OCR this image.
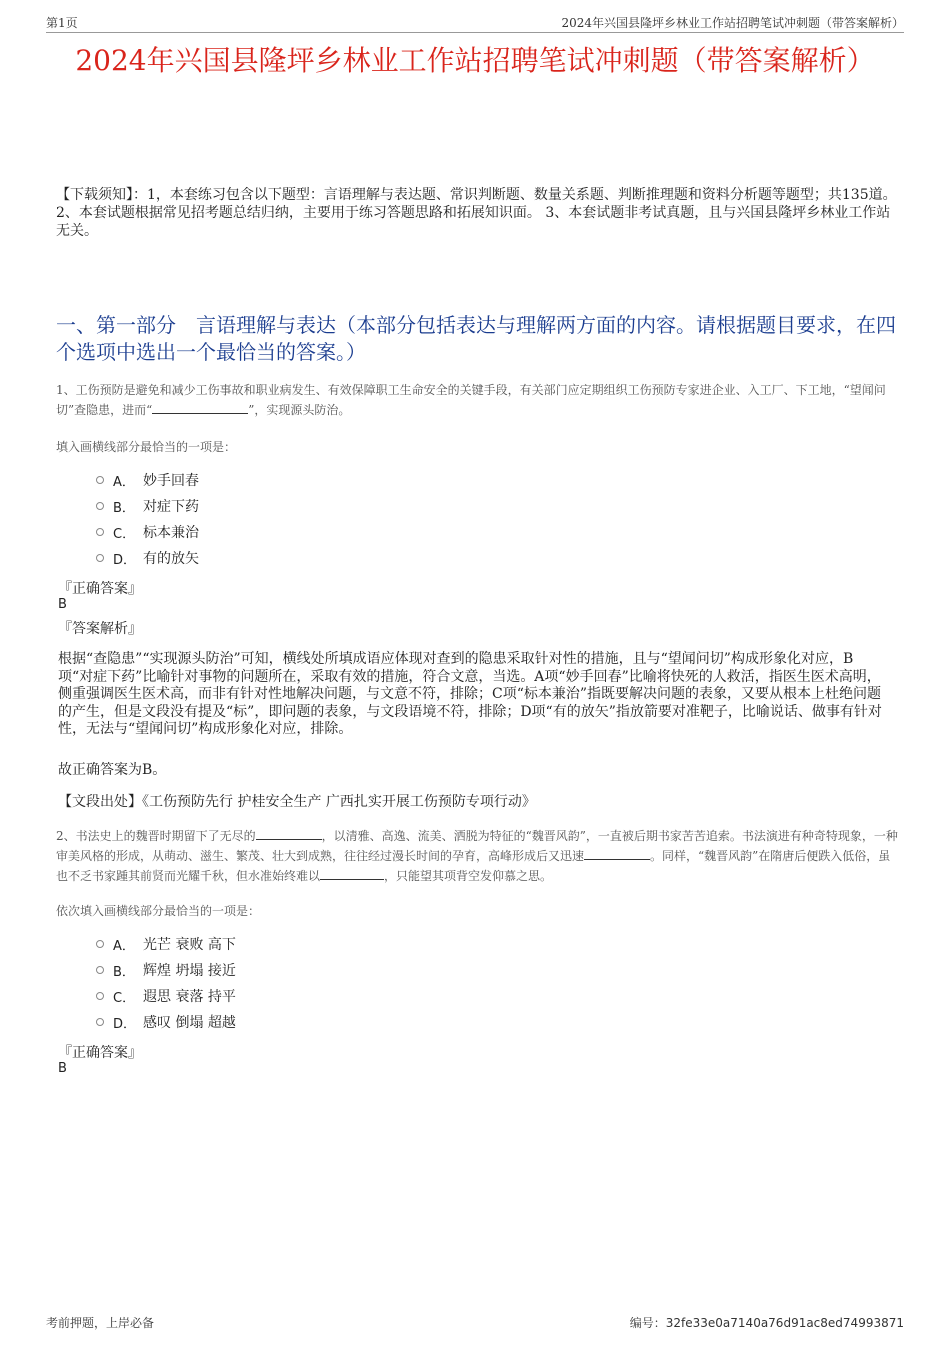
第1页	2024年兴国县隆坪乡林业工作站招聘笔试冲刺题（带答案解析）
2024年兴国县隆坪乡林业工作站招聘笔试冲刺题（带答案解析）
【下载须知】：1，本套练习包含以下题型：言语理解与表达题、常识判断题、数量关系题、判断推理题和资料分析题等题型；共135道。 2、本套试题根据常见招考题总结归纳，主要用于练习答题思路和拓展知识面。 3、本套试题非考试真题，且与兴国县隆坪乡林业工作站无关。
一、第一部分　言语理解与表达（本部分包括表达与理解两方面的内容。请根据题目要求，在四个选项中选出一个最恰当的答案。）
1、工伤预防是避免和减少工伤事故和职业病发生、有效保障职工生命安全的关键手段，有关部门应定期组织工伤预防专家进企业、入工厂、下工地，“望闻问切”查隐患，进而“	”，实现源头防治。
填入画横线部分最恰当的一项是：
A． 妙手回春
B． 对症下药
C． 标本兼治
D． 有的放矢
『正确答案』
B
『答案解析』
根据“查隐患”“实现源头防治”可知，横线处所填成语应体现对查到的隐患采取针对性的措施，且与“望闻问切”构成形象化对应，B项“对症下药”比喻针对事物的问题所在，采取有效的措施，符合文意，当选。A项“妙手回春”比喻将快死的人救活，指医生医术高明，侧重强调医生医术高，而非有针对性地解决问题，与文意不符，排除；C项“标本兼治”指既要解决问题的表象，又要从根本上杜绝问题的产生，但是文段没有提及“标”，即问题的表象，与文段语境不符，排除；D项“有的放矢”指放箭要对准靶子，比喻说话、做事有针对性，无法与“望闻问切”构成形象化对应，排除。
故正确答案为B。
【文段出处】《工伤预防先行 护桂安全生产 广西扎实开展工伤预防专项行动》
2、书法史上的魏晋时期留下了无尽的	，以清雅、高逸、流美、洒脱为特征的“魏晋风韵”，一直被后期书家苦苦追索。书法演进有种奇特现象，一种审美风格的形成，从萌动、滋生、繁茂、壮大到成熟，往往经过漫长时间的孕育，高峰形成后又迅速	。同样，“魏晋风韵”在隋唐后便跌入低俗，虽也不乏书家踵其前贤而光耀千秋，但水准始终难以	，只能望其项背空发仰慕之思。
依次填入画横线部分最恰当的一项是：
A． 光芒 衰败 高下
B． 辉煌 坍塌 接近
C． 遐思 衰落 持平
D． 感叹 倒塌 超越
『正确答案』
B
考前押题，上岸必备	编号：32fe33e0a7140a76d91ac8ed74993871
